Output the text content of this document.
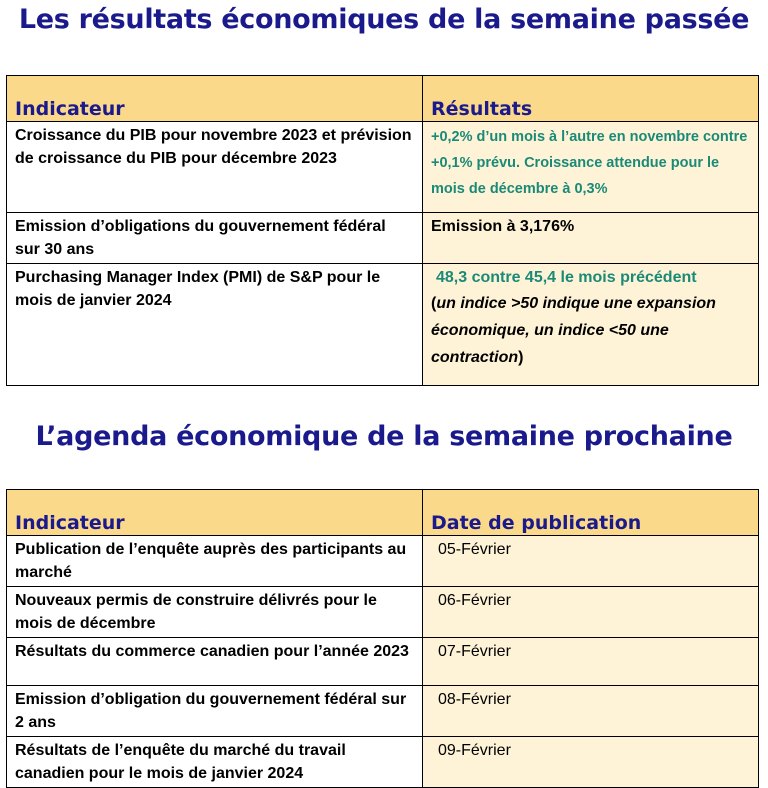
Les résultats économiques de la semaine passée
Indicateur	Résultats
Croissance du PIB pour novembre 2023 et prévision de croissance du PIB pour décembre 2023	+0,2% d’un mois à l’autre en novembre contre +0,1% prévu. Croissance attendue pour le mois de décembre à 0,3%
Emission d’obligations du gouvernement fédéral sur 30 ans	Emission à 3,176%
Purchasing Manager Index (PMI) de S&P pour le mois de janvier 2024	48,3 contre 45,4 le mois précédent
(un indice >50 indique une expansion économique, un indice <50 une contraction)
L’agenda économique de la semaine prochaine
Indicateur	Date de publication
Publication de l’enquête auprès des participants au marché	05-Février

Nouveaux permis de construire délivrés pour le mois de décembre	06-Février

Résultats du commerce canadien pour l’année 2023	07-Février

Emission d’obligation du gouvernement fédéral sur 2 ans	08-Février

Résultats de l’enquête du marché du travail canadien pour le mois de janvier 2024	09-Février
